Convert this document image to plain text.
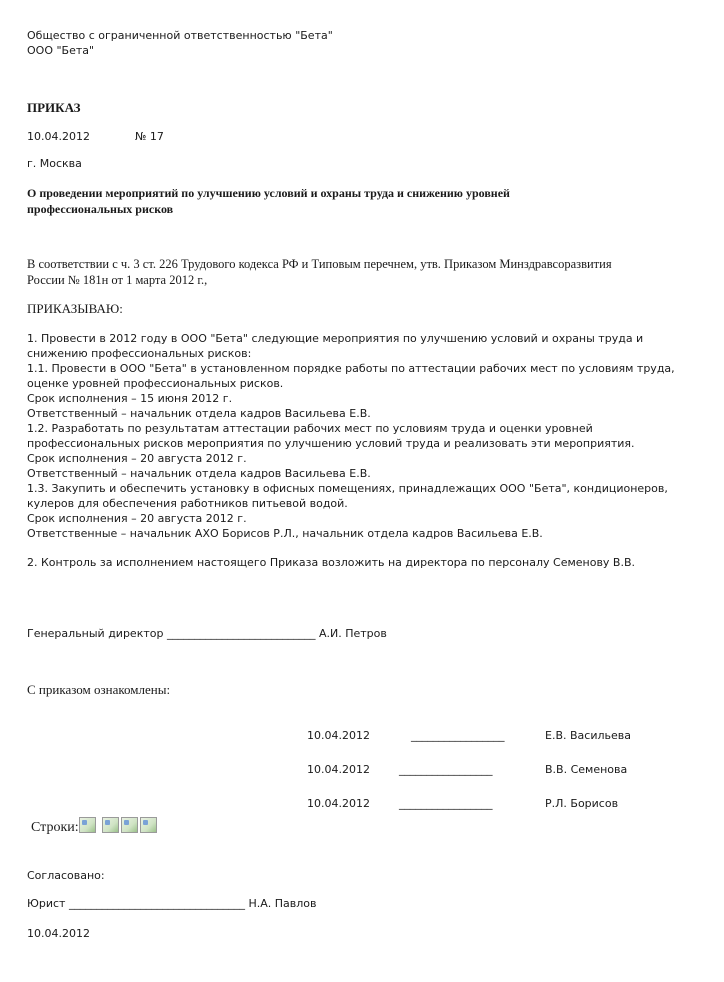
Общество с ограниченной ответственностью "Бета"
ООО "Бета"
ПРИКАЗ
10.04.2012	№ 17
г. Москва
О проведении мероприятий по улучшению условий и охраны труда и снижению уровней
профессиональных рисков
В соответствии с ч. 3 ст. 226 Трудового кодекса РФ и Типовым перечнем, утв. Приказом Минздравсоразвития
России № 181н от 1 марта 2012 г.,
ПРИКАЗЫВАЮ:
1. Провести в 2012 году в ООО "Бета" следующие мероприятия по улучшению условий и охраны труда и
снижению профессиональных рисков:
1.1. Провести в ООО "Бета" в установленном порядке работы по аттестации рабочих мест по условиям труда,
оценке уровней профессиональных рисков.
Срок исполнения – 15 июня 2012 г.
Ответственный – начальник отдела кадров Васильева Е.В.
1.2. Разработать по результатам аттестации рабочих мест по условиям труда и оценки уровней
профессиональных рисков мероприятия по улучшению условий труда и реализовать эти мероприятия.
Срок исполнения – 20 августа 2012 г.
Ответственный – начальник отдела кадров Васильева Е.В.
1.3. Закупить и обеспечить установку в офисных помещениях, принадлежащих ООО "Бета", кондиционеров,
кулеров для обеспечения работников питьевой водой.
Срок исполнения – 20 августа 2012 г.
Ответственные – начальник АХО Борисов Р.Л., начальник отдела кадров Васильева Е.В.
2. Контроль за исполнением настоящего Приказа возложить на директора по персоналу Семенову В.В.
Генеральный директор ___________________________ А.И. Петров
С приказом ознакомлены:
10.04.2012	_________________	Е.В. Васильева
10.04.2012	_________________	В.В. Семенова
10.04.2012	_________________	Р.Л. Борисов
Строки:
Согласовано:
Юрист ________________________________ Н.А. Павлов
10.04.2012
